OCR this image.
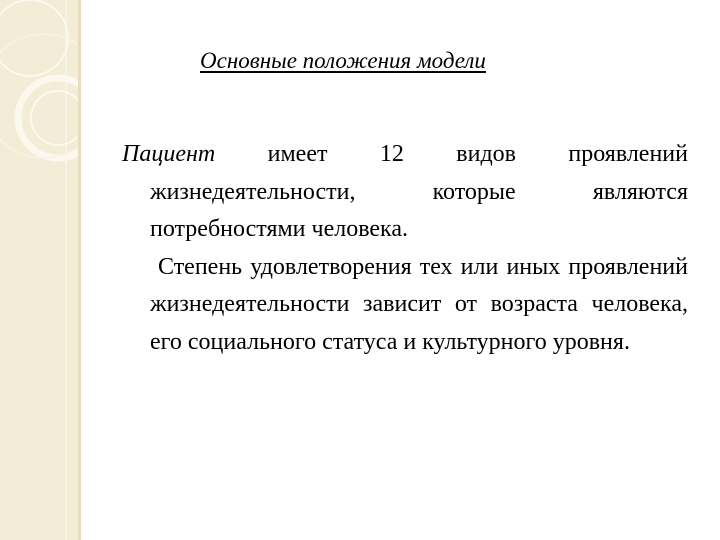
Основные положения модели

Пациент имеет 12 видов проявлений жизнедеятельности, которые являются потребностями человека.

Степень удовлетворения тех или иных проявлений жизнедеятельности зависит от возраста человека, его социального статуса и культурного уровня.
